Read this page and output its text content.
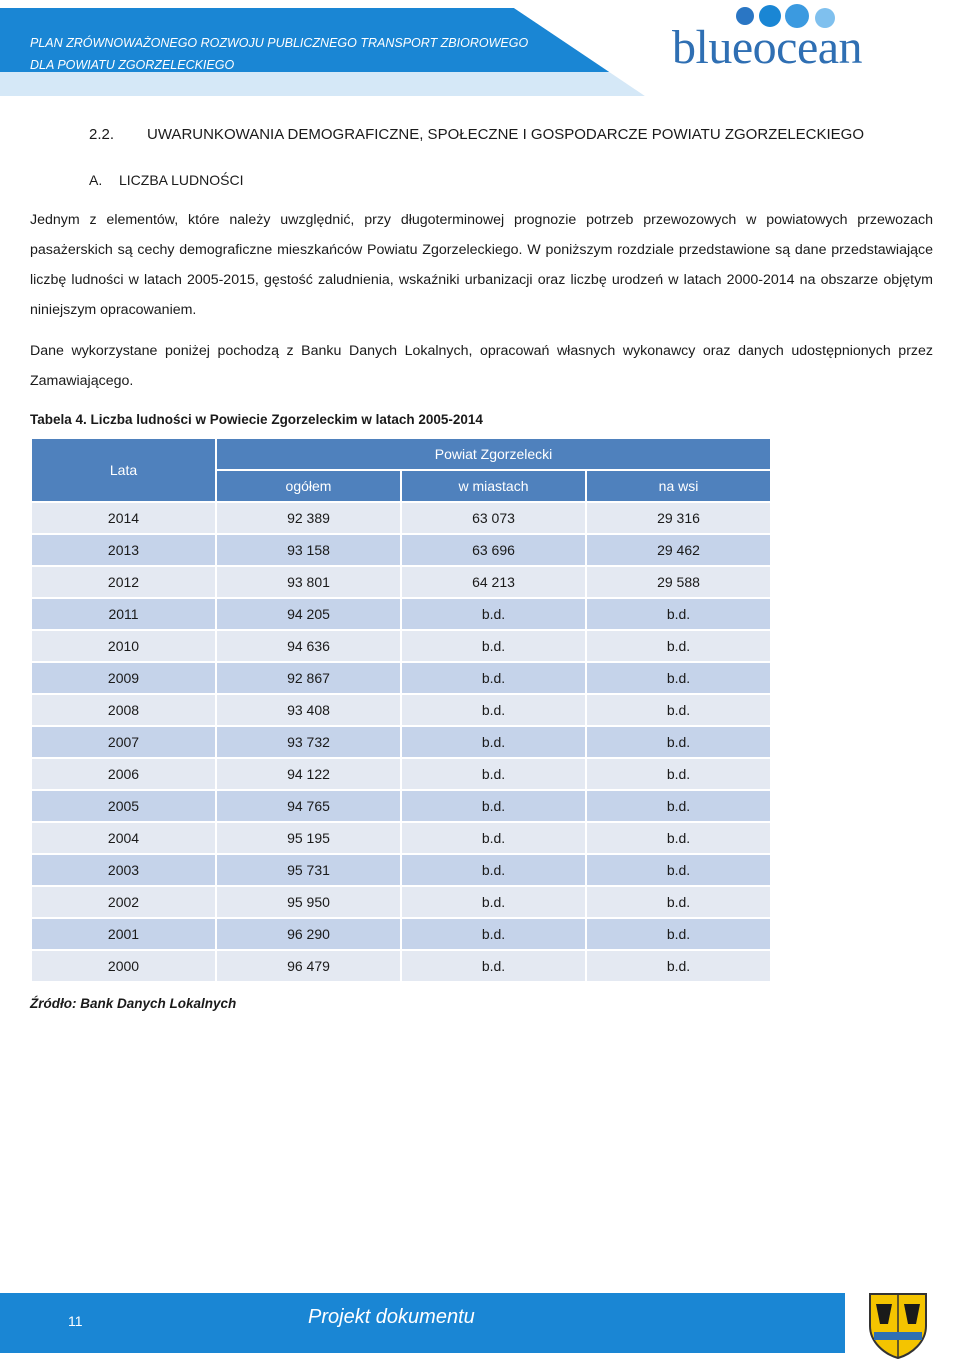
PLAN ZRÓWNOWAŻONEGO ROZWOJU PUBLICZNEGO TRANSPORT ZBIOROWEGO
DLA POWIATU ZGORZELECKIEGO	blueocean
2.2. UWARUNKOWANIA DEMOGRAFICZNE, SPOŁECZNE I GOSPODARCZE POWIATU ZGORZELECKIEGO
A. LICZBA LUDNOŚCI
Jednym z elementów, które należy uwzględnić, przy długoterminowej prognozie potrzeb przewozowych w powiatowych przewozach pasażerskich są cechy demograficzne mieszkańców Powiatu Zgorzeleckiego. W poniższym rozdziale przedstawione są dane przedstawiające liczbę ludności w latach 2005-2015, gęstość zaludnienia, wskaźniki urbanizacji oraz liczbę urodzeń w latach 2000-2014 na obszarze objętym niniejszym opracowaniem.
Dane wykorzystane poniżej pochodzą z Banku Danych Lokalnych, opracowań własnych wykonawcy oraz danych udostępnionych przez Zamawiającego.
Tabela 4. Liczba ludności w Powiecie Zgorzeleckim w latach 2005-2014
Lata	Powiat Zgorzelecki		
	ogółem	w miastach	na wsi
2014	92 389	63 073	29 316
2013	93 158	63 696	29 462
2012	93 801	64 213	29 588
2011	94 205	b.d.	b.d.
2010	94 636	b.d.	b.d.
2009	92 867	b.d.	b.d.
2008	93 408	b.d.	b.d.
2007	93 732	b.d.	b.d.
2006	94 122	b.d.	b.d.
2005	94 765	b.d.	b.d.
2004	95 195	b.d.	b.d.
2003	95 731	b.d.	b.d.
2002	95 950	b.d.	b.d.
2001	96 290	b.d.	b.d.
2000	96 479	b.d.	b.d.
Źródło: Bank Danych Lokalnych
11	Projekt dokumentu
